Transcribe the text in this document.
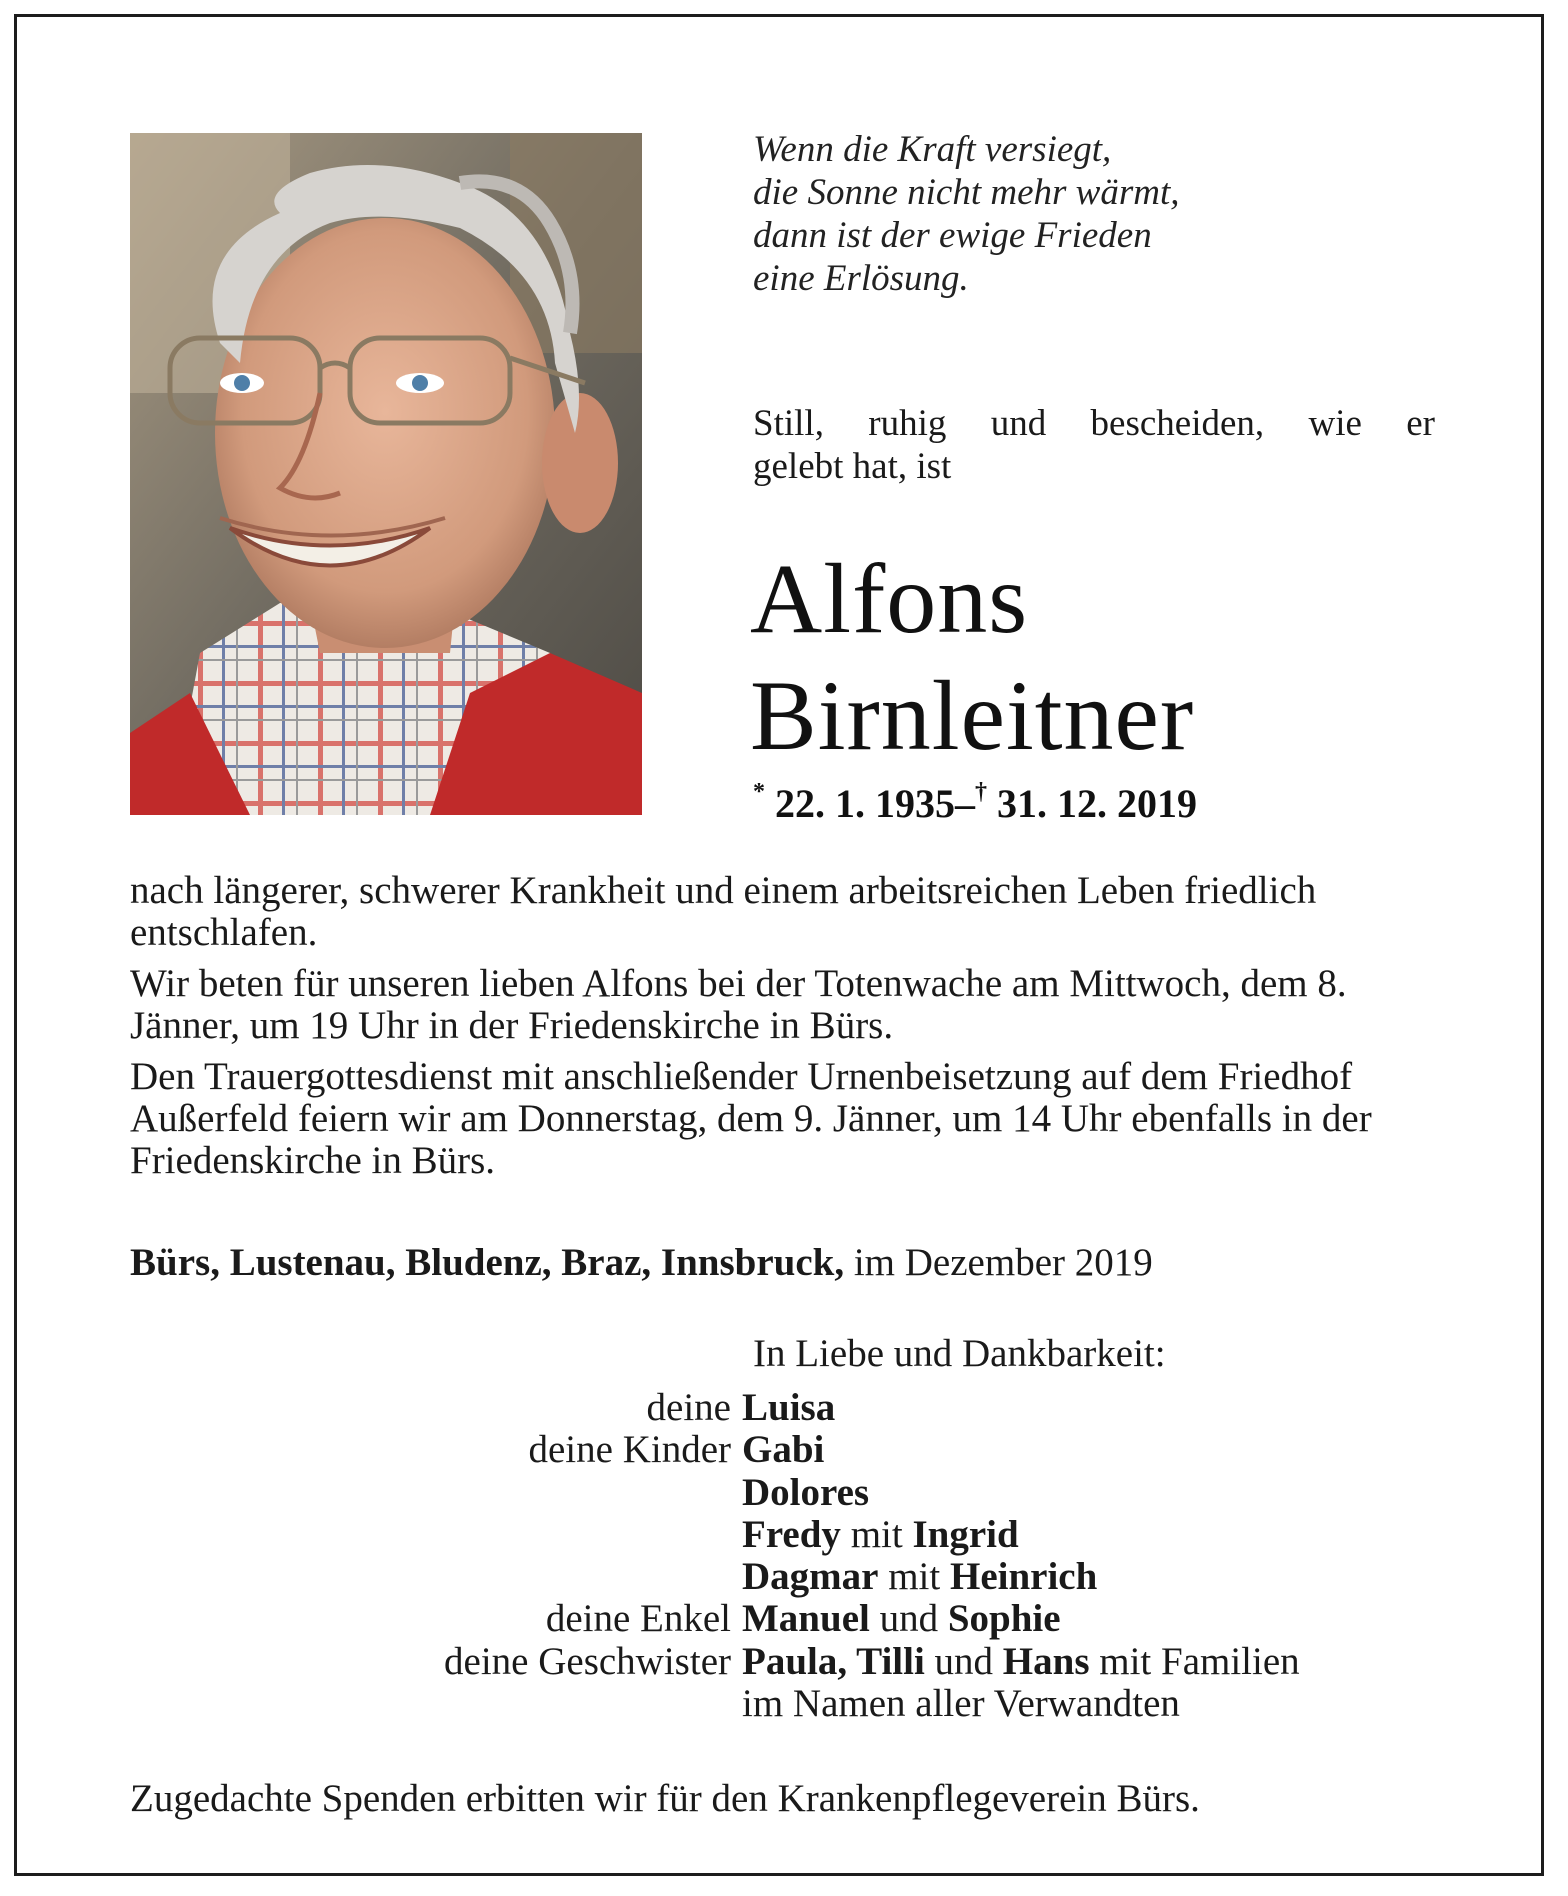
Wenn die Kraft versiegt,
die Sonne nicht mehr wärmt,
dann ist der ewige Frieden
eine Erlösung.
Still, ruhig und bescheiden, wie er
gelebt hat, ist
Alfons
Birnleitner
* 22. 1. 1935–† 31. 12. 2019

nach längerer, schwerer Krankheit und einem arbeitsreichen Leben friedlich entschlafen.

Wir beten für unseren lieben Alfons bei der Totenwache am Mittwoch, dem 8. Jänner, um 19 Uhr in der Friedenskirche in Bürs.

Den Trauergottesdienst mit anschließender Urnenbeisetzung auf dem Friedhof Außerfeld feiern wir am Donnerstag, dem 9. Jänner, um 14 Uhr ebenfalls in der Friedenskirche in Bürs.

Bürs, Lustenau, Bludenz, Braz, Innsbruck, im Dezember 2019
In Liebe und Dankbarkeit:
deine Luisa
deine Kinder Gabi
Dolores
Fredy mit Ingrid
Dagmar mit Heinrich
deine Enkel Manuel und Sophie
deine Geschwister Paula, Tilli und Hans mit Familien
im Namen aller Verwandten
Zugedachte Spenden erbitten wir für den Krankenpflegeverein Bürs.
